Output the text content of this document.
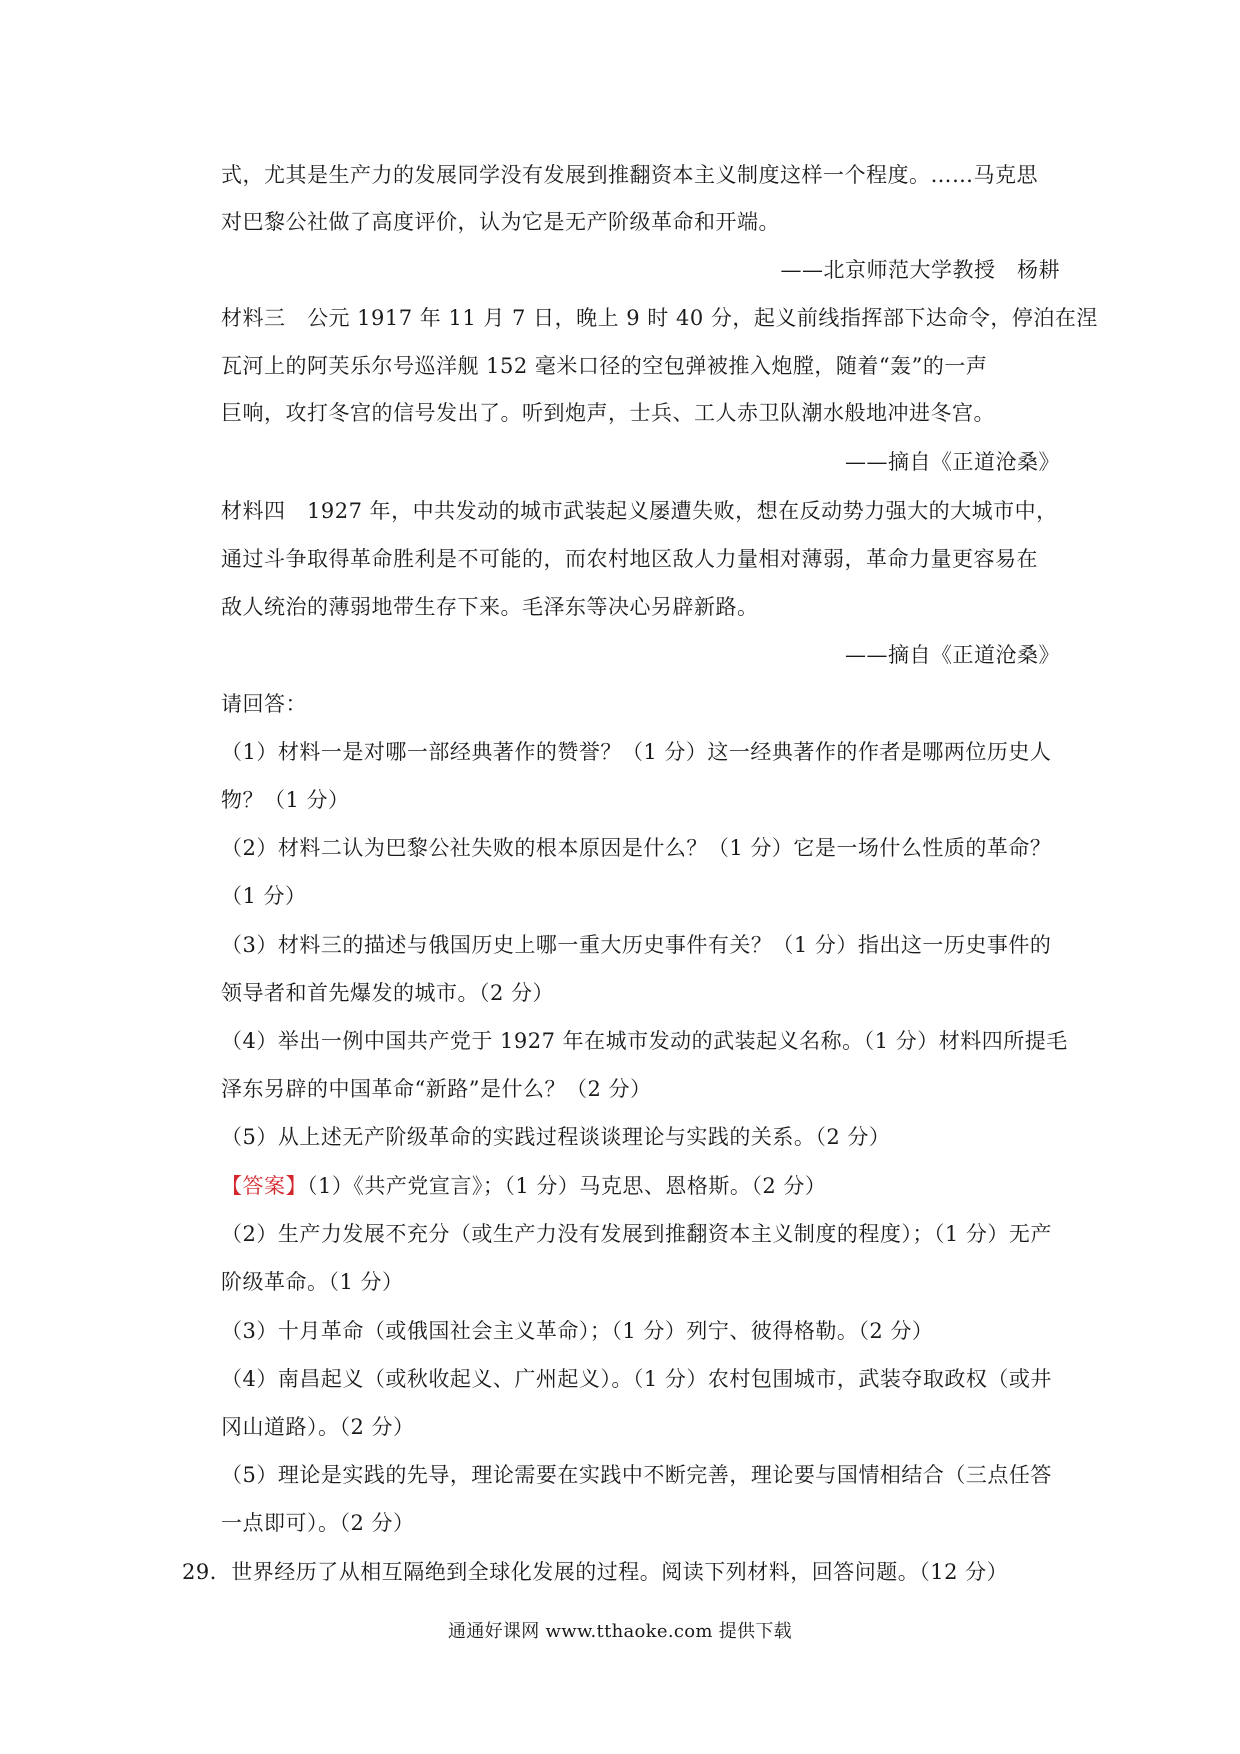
式，尤其是生产力的发展同学没有发展到推翻资本主义制度这样一个程度。……马克思
对巴黎公社做了高度评价，认为它是无产阶级革命和开端。
——北京师范大学教授　杨耕
材料三　公元 1917 年 11 月 7 日，晚上 9 时 40 分，起义前线指挥部下达命令，停泊在涅
瓦河上的阿芙乐尔号巡洋舰 152 毫米口径的空包弹被推入炮膛，随着“轰”的一声
巨响，攻打冬宫的信号发出了。听到炮声，士兵、工人赤卫队潮水般地冲进冬宫。
——摘自《正道沧桑》
材料四　1927 年，中共发动的城市武装起义屡遭失败，想在反动势力强大的大城市中，
通过斗争取得革命胜利是不可能的，而农村地区敌人力量相对薄弱，革命力量更容易在
敌人统治的薄弱地带生存下来。毛泽东等决心另辟新路。
——摘自《正道沧桑》
请回答：
（1）材料一是对哪一部经典著作的赞誉？（1 分）这一经典著作的作者是哪两位历史人
物？（1 分）
（2）材料二认为巴黎公社失败的根本原因是什么？（1 分）它是一场什么性质的革命？
（1 分）
（3）材料三的描述与俄国历史上哪一重大历史事件有关？（1 分）指出这一历史事件的
领导者和首先爆发的城市。（2 分）
（4）举出一例中国共产党于 1927 年在城市发动的武装起义名称。（1 分）材料四所提毛
泽东另辟的中国革命“新路”是什么？（2 分）
（5）从上述无产阶级革命的实践过程谈谈理论与实践的关系。（2 分）
【答案】（1）《共产党宣言》；（1 分）马克思、恩格斯。（2 分）
（2）生产力发展不充分（或生产力没有发展到推翻资本主义制度的程度）；（1 分）无产
阶级革命。（1 分）
（3）十月革命（或俄国社会主义革命）；（1 分）列宁、彼得格勒。（2 分）
（4）南昌起义（或秋收起义、广州起义）。（1 分）农村包围城市，武装夺取政权（或井
冈山道路）。（2 分）
（5）理论是实践的先导，理论需要在实践中不断完善，理论要与国情相结合（三点任答
一点即可）。（2 分）
29．世界经历了从相互隔绝到全球化发展的过程。阅读下列材料，回答问题。（12 分）
通通好课网 www.tthaoke.com 提供下载
